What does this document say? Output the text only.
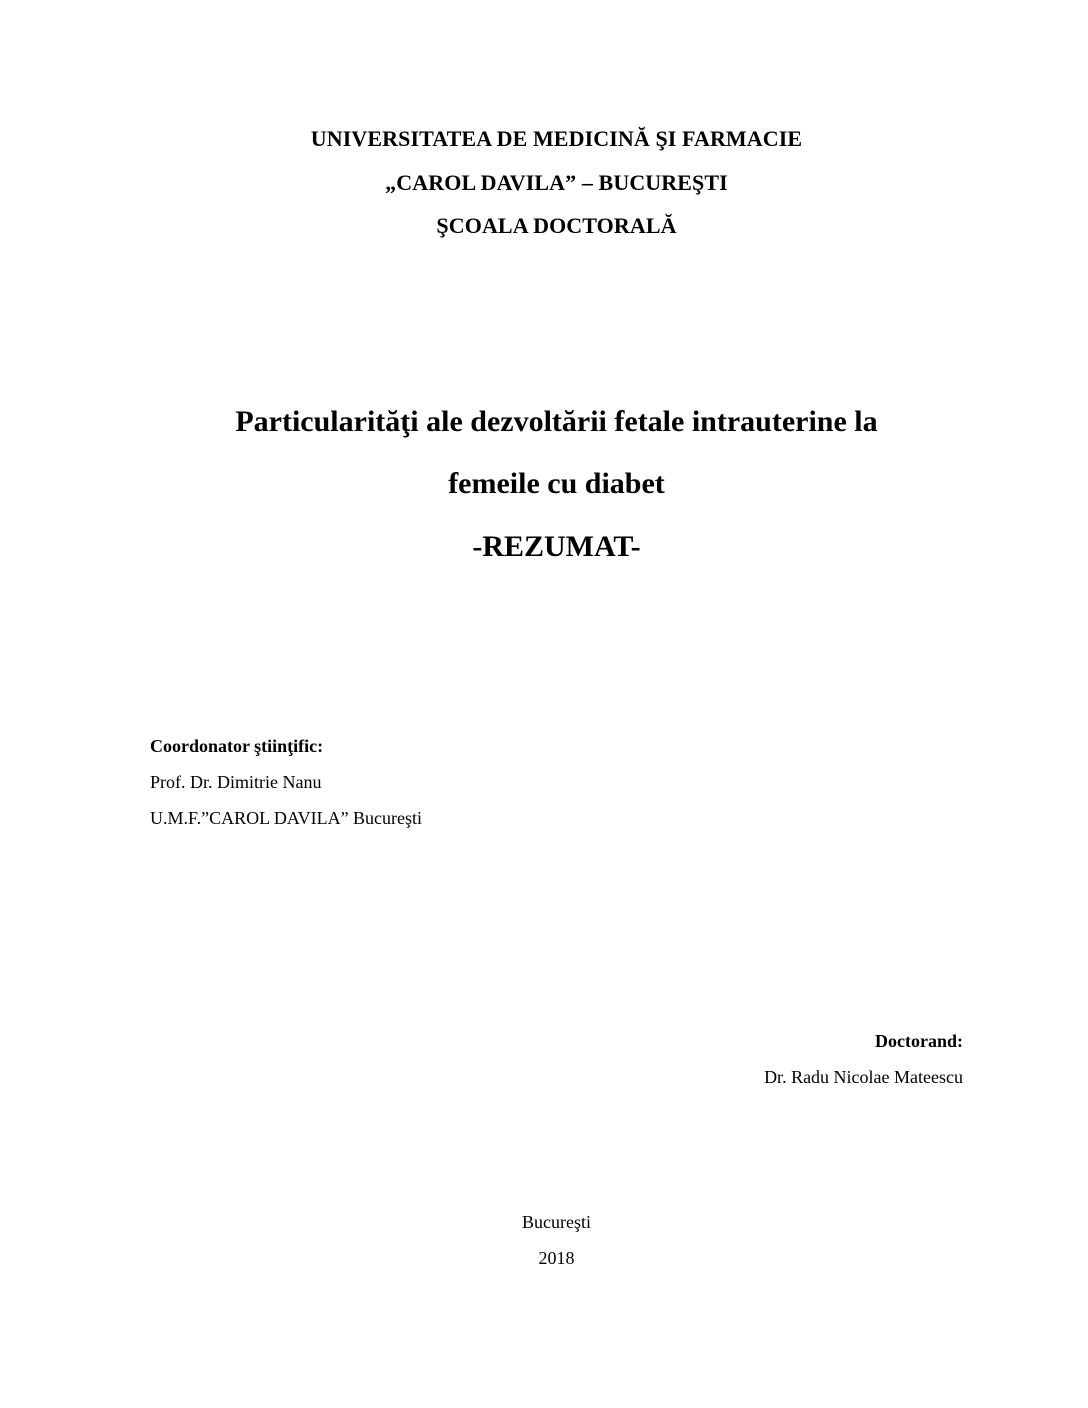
UNIVERSITATEA DE MEDICINĂ ŞI FARMACIE
„CAROL DAVILA” – BUCUREŞTI
ŞCOALA DOCTORALĂ
Particularităţi ale dezvoltării fetale intrauterine la
femeile cu diabet
-REZUMAT-
Coordonator ştiinţific:
Prof. Dr. Dimitrie Nanu
U.M.F.”CAROL DAVILA” Bucureşti
Doctorand:
Dr. Radu Nicolae Mateescu
Bucureşti
2018
